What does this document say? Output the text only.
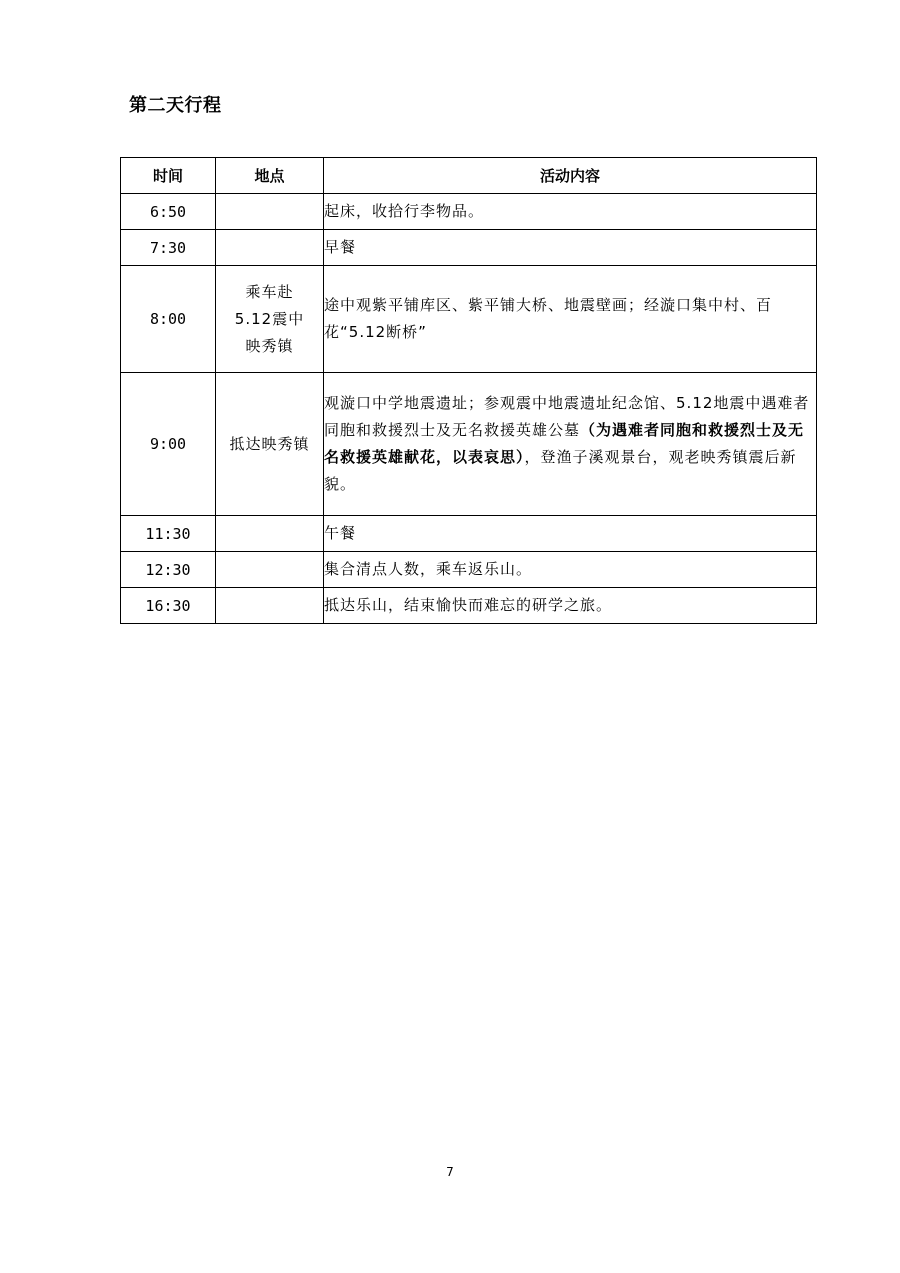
第二天行程
时间	地点	活动内容
6:50		起床，收拾行李物品。
7:30		早餐
8:00	乘车赴
5.12震中
映秀镇	途中观紫平铺库区、紫平铺大桥、地震壁画；经漩口集中村、百花“5.12断桥”
9:00	抵达映秀镇	观漩口中学地震遗址；参观震中地震遗址纪念馆、5.12地震中遇难者同胞和救援烈士及无名救援英雄公墓（为遇难者同胞和救援烈士及无名救援英雄献花，以表哀思），登渔子溪观景台，观老映秀镇震后新貌。
11:30		午餐
12:30		集合清点人数，乘车返乐山。
16:30		抵达乐山，结束愉快而难忘的研学之旅。
7
